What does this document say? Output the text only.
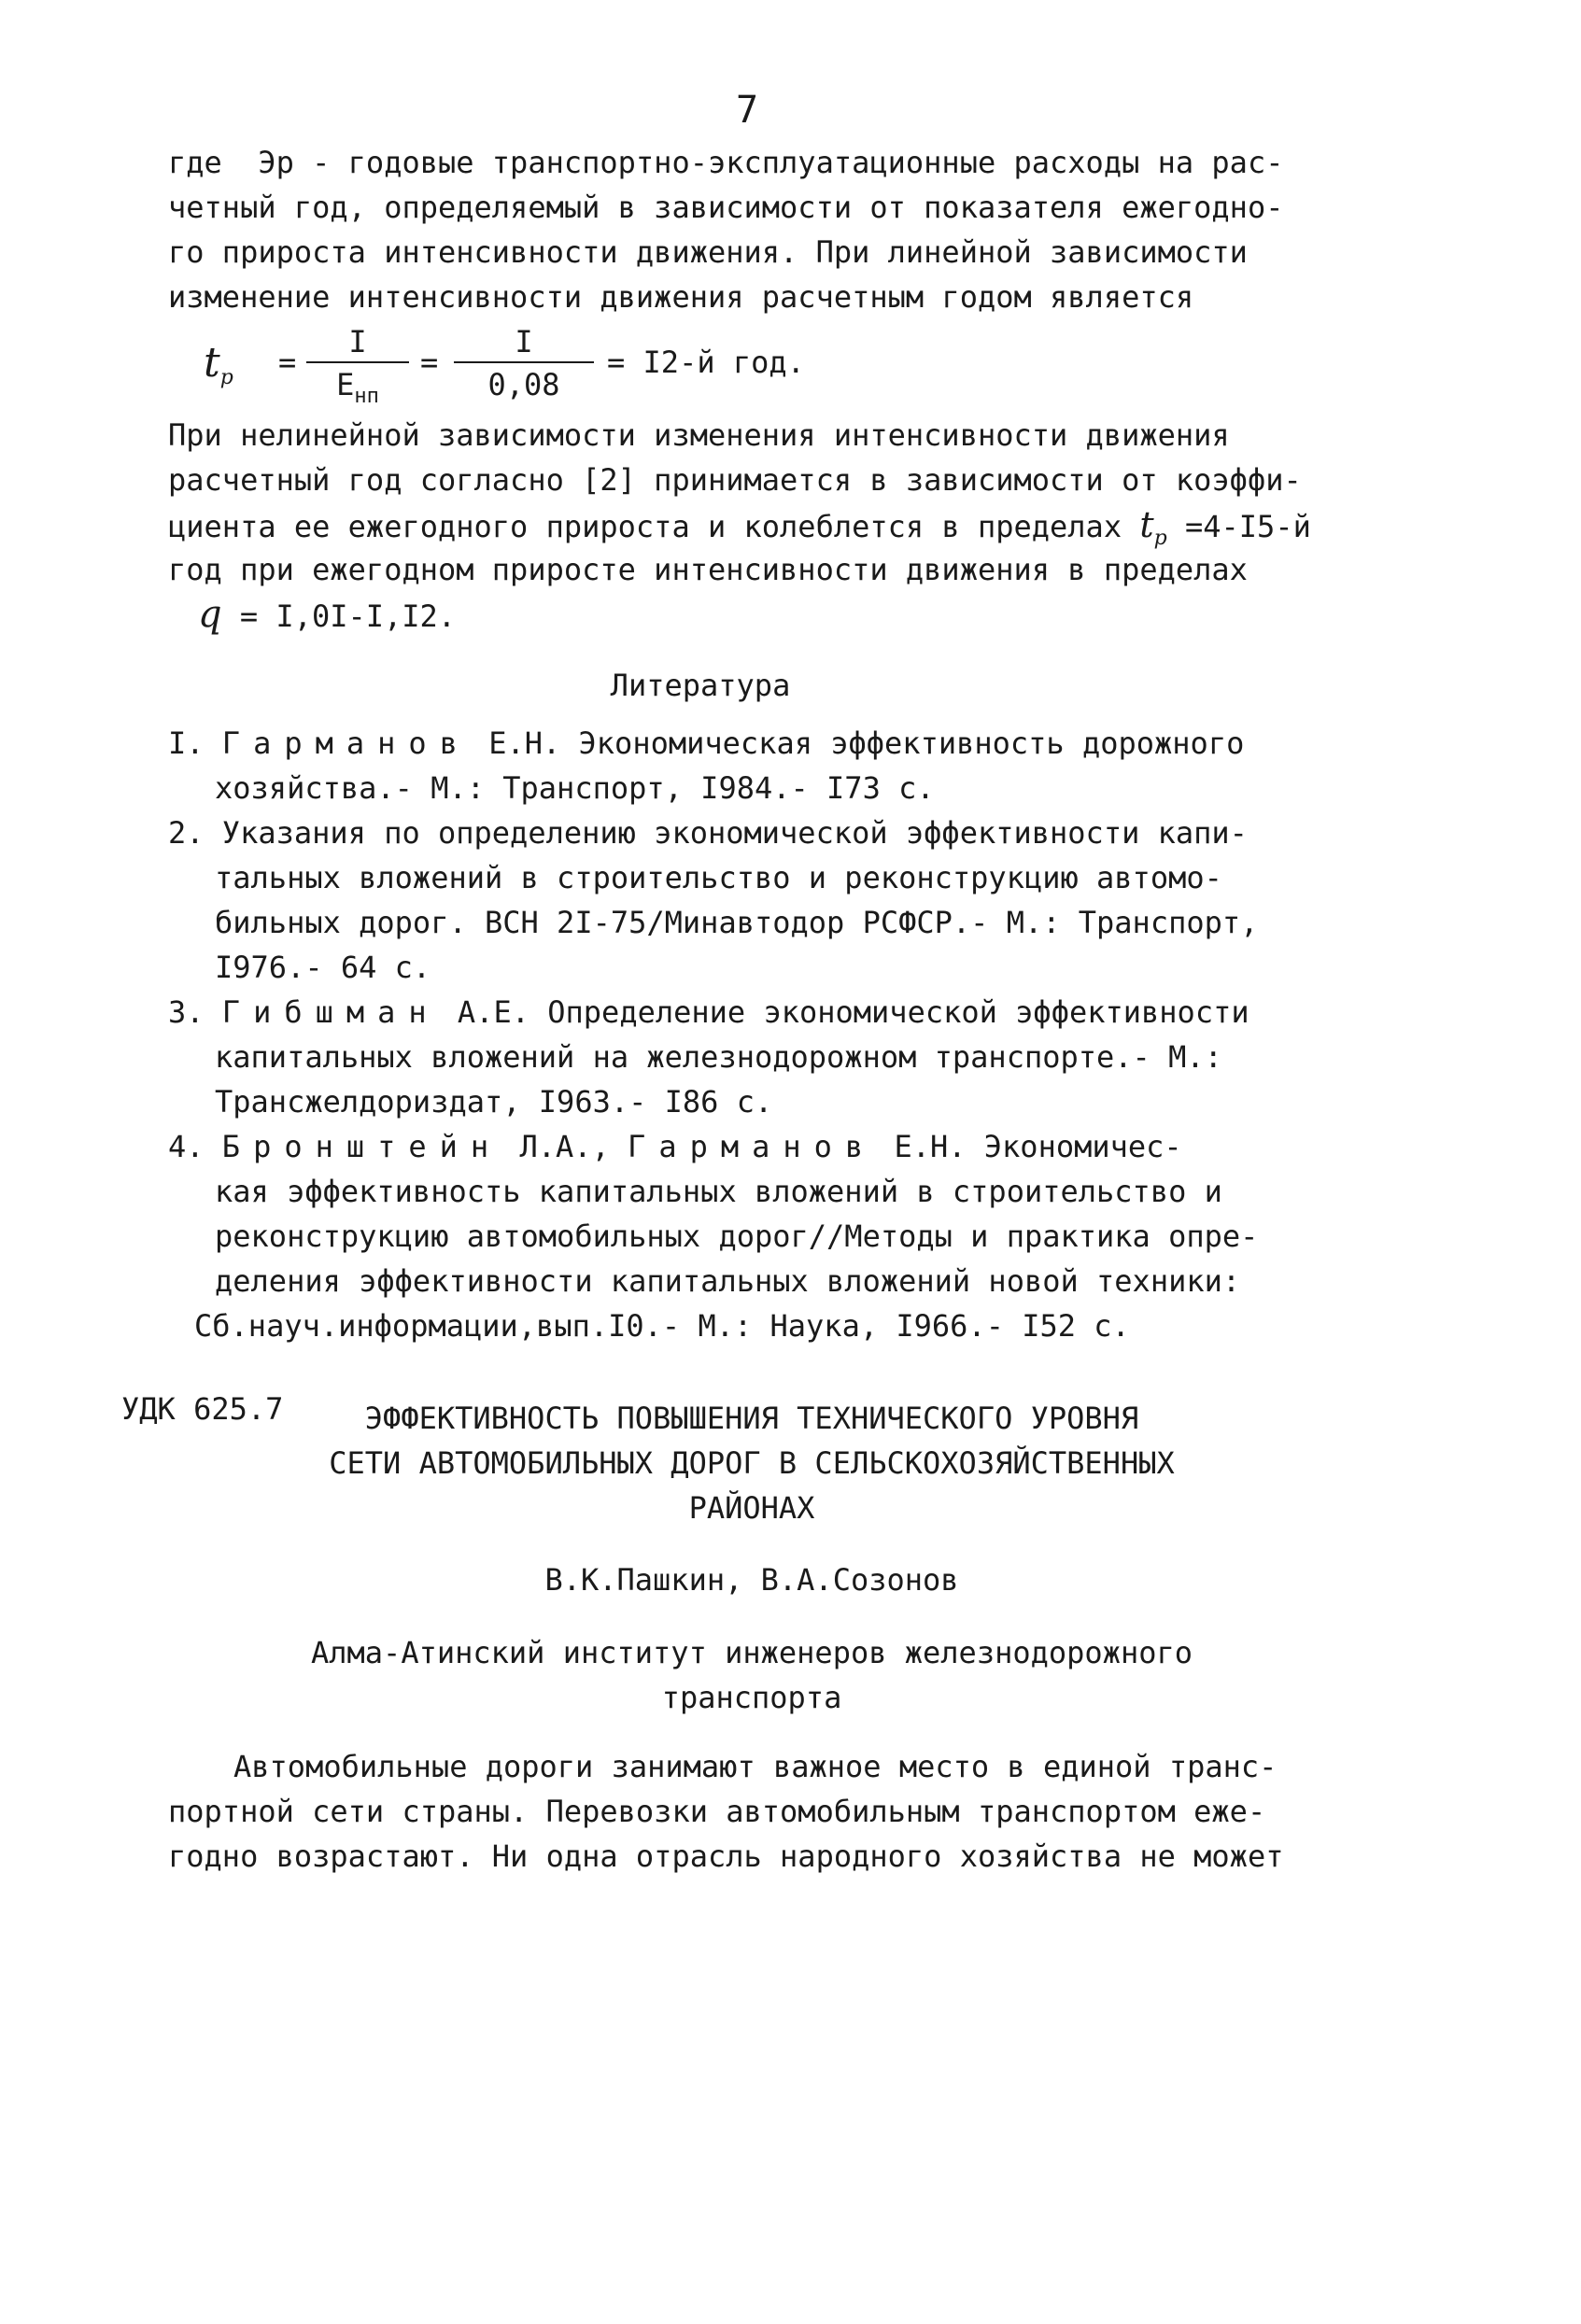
7
где  Эр - годовые транспортно-эксплуатационные расходы на рас-
четный год, определяемый в зависимости от показателя ежегодно-
го прироста интенсивности движения. При линейной зависимости
изменение интенсивности движения расчетным годом является
$t_р$ =
I
$E_{нп}$
=
I
0,08
= I2-й год.
При нелинейной зависимости изменения интенсивности движения
расчетный год согласно [2] принимается в зависимости от коэффи-
циента ее ежегодного прироста и колеблется в пределах $t_р =4-I5-й$
год при ежегодном приросте интенсивности движения в пределах
q = I,0I-I,I2.
Литература
I. Гарманов Е.Н. Экономическая эффективность дорожного
хозяйства.- М.: Транспорт, I984.- I73 с.
2. Указания по определению экономической эффективности капи-
тальных вложений в строительство и реконструкцию автомо-
бильных дорог. ВСН 2I-75/Минавтодор РСФСР.- М.: Транспорт,
I976.- 64 с.
3. Гибшман А.Е. Определение экономической эффективности
капитальных вложений на железнодорожном транспорте.- М.:
Трансжелдориздат, I963.- I86 с.
4. Бронштейн Л.А., Гарманов Е.Н. Экономичес-
кая эффективность капитальных вложений в строительство и
реконструкцию автомобильных дорог//Методы и практика опре-
деления эффективности капитальных вложений новой техники:
Сб.науч.информации,вып.I0.- М.: Наука, I966.- I52 с.
УДК 625.7	ЭФФЕКТИВНОСТЬ ПОВЫШЕНИЯ ТЕХНИЧЕСКОГО УРОВНЯ
СЕТИ АВТОМОБИЛЬНЫХ ДОРОГ В СЕЛЬСКОХОЗЯЙСТВЕННЫХ
РАЙОНАХ
В.К.Пашкин, В.А.Созонов
Алма-Атинский институт инженеров железнодорожного
транспорта
Автомобильные дороги занимают важное место в единой транс-
портной сети страны. Перевозки автомобильным транспортом еже-
годно возрастают. Ни одна отрасль народного хозяйства не может
